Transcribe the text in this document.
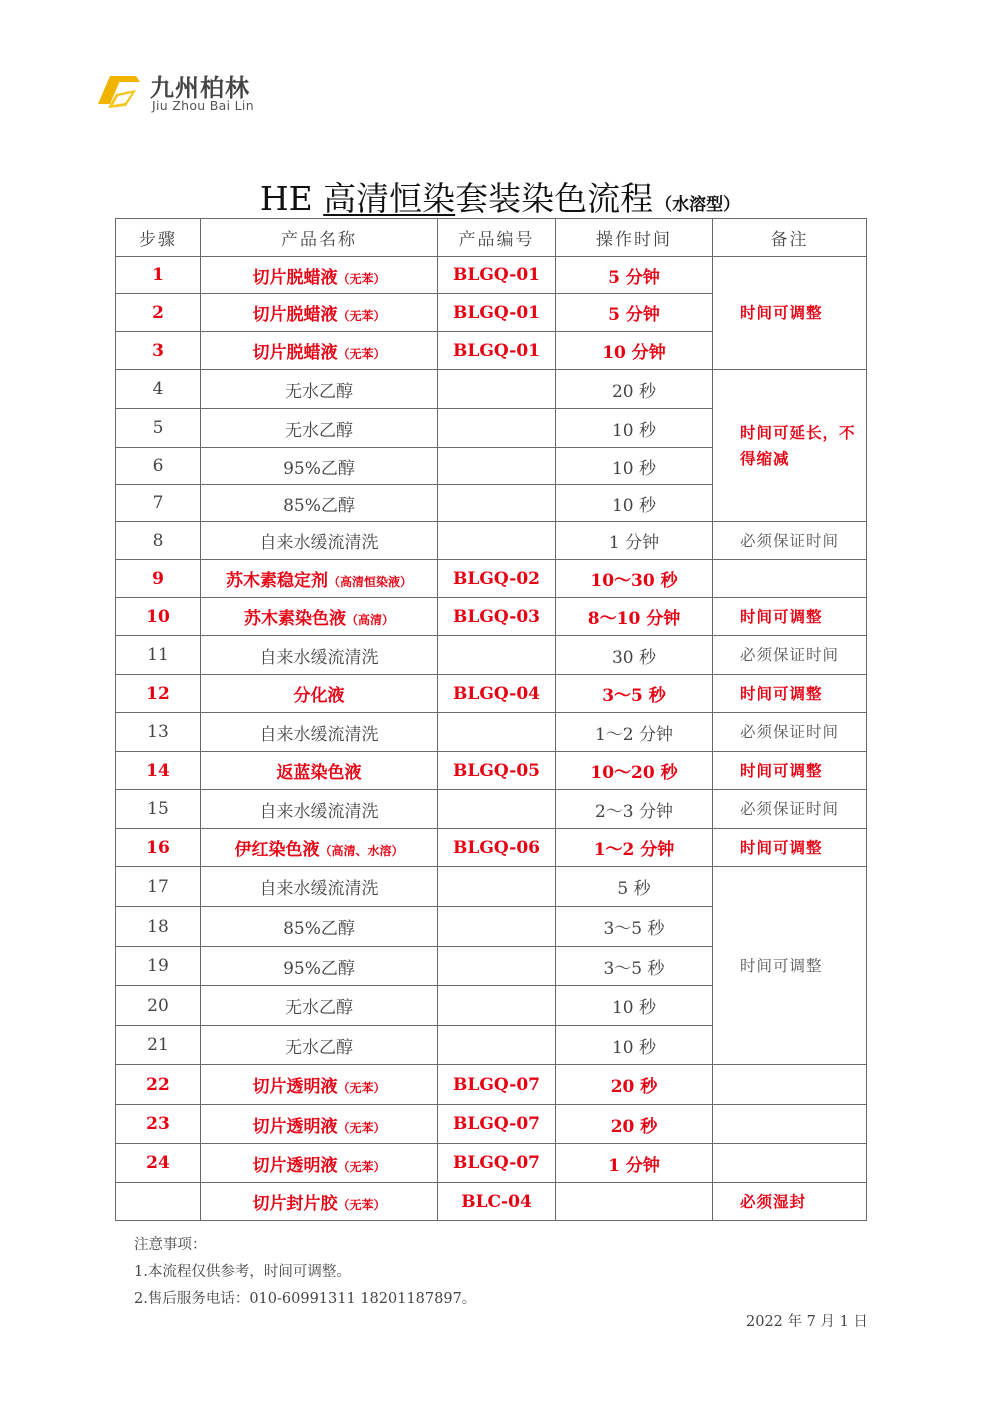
九州柏林
Jiu Zhou Bai Lin
HE 高清恒染套装染色流程 （水溶型）
步骤	产品名称	产品编号	操作时间	备注
1	切片脱蜡液（无苯）	BLGQ-01	5 分钟	时间可调整
2	切片脱蜡液（无苯）	BLGQ-01	5 分钟	
3	切片脱蜡液（无苯）	BLGQ-01	10 分钟	
4	无水乙醇		20 秒	时间可延长，不得缩减
5	无水乙醇		10 秒	
6	95%乙醇		10 秒	
7	85%乙醇		10 秒	
8	自来水缓流清洗		1 分钟	必须保证时间
9	苏木素稳定剂（高清恒染液）	BLGQ-02	10～30 秒	
10	苏木素染色液（高清）	BLGQ-03	8～10 分钟	时间可调整
11	自来水缓流清洗		30 秒	必须保证时间
12	分化液	BLGQ-04	3～5 秒	时间可调整
13	自来水缓流清洗		1～2 分钟	必须保证时间
14	返蓝染色液	BLGQ-05	10～20 秒	时间可调整
15	自来水缓流清洗		2～3 分钟	必须保证时间
16	伊红染色液（高清、水溶）	BLGQ-06	1～2 分钟	时间可调整
17	自来水缓流清洗		5 秒	时间可调整
18	85%乙醇		3～5 秒	
19	95%乙醇		3～5 秒	
20	无水乙醇		10 秒	
21	无水乙醇		10 秒	
22	切片透明液（无苯）	BLGQ-07	20 秒	
23	切片透明液（无苯）	BLGQ-07	20 秒	
24	切片透明液（无苯）	BLGQ-07	1 分钟	
	切片封片胶（无苯）	BLC-04		必须湿封
注意事项：
1.本流程仅供参考，时间可调整。
2.售后服务电话：010-60991311 18201187897。
2022 年 7 月 1 日
